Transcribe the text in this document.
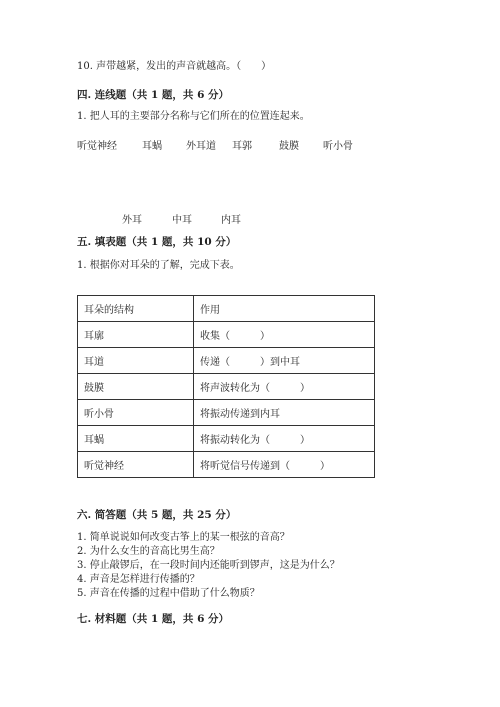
10. 声带越紧，发出的声音就越高。（　　）
四. 连线题（共 1 题，共 6 分）
1. 把人耳的主要部分名称与它们所在的位置连起来。
听觉神经	耳蜗 外耳道 耳郭	鼓膜 听小骨
外耳	中耳	内耳
五. 填表题（共 1 题，共 10 分）
1. 根据你对耳朵的了解，完成下表。
耳朵的结构	作用
耳廓	收集（　　　）
耳道	传递（　　　）到中耳
鼓膜	将声波转化为（　　　）
听小骨	将振动传递到内耳
耳蜗	将振动转化为（　　　）
听觉神经	将听觉信号传递到（　　　）
六. 简答题（共 5 题，共 25 分）
1. 简单说说如何改变古筝上的某一根弦的音高？
2. 为什么女生的音高比男生高？
3. 停止敲锣后，在一段时间内还能听到锣声，这是为什么？
4. 声音是怎样进行传播的？
5. 声音在传播的过程中借助了什么物质？
七. 材料题（共 1 题，共 6 分）
